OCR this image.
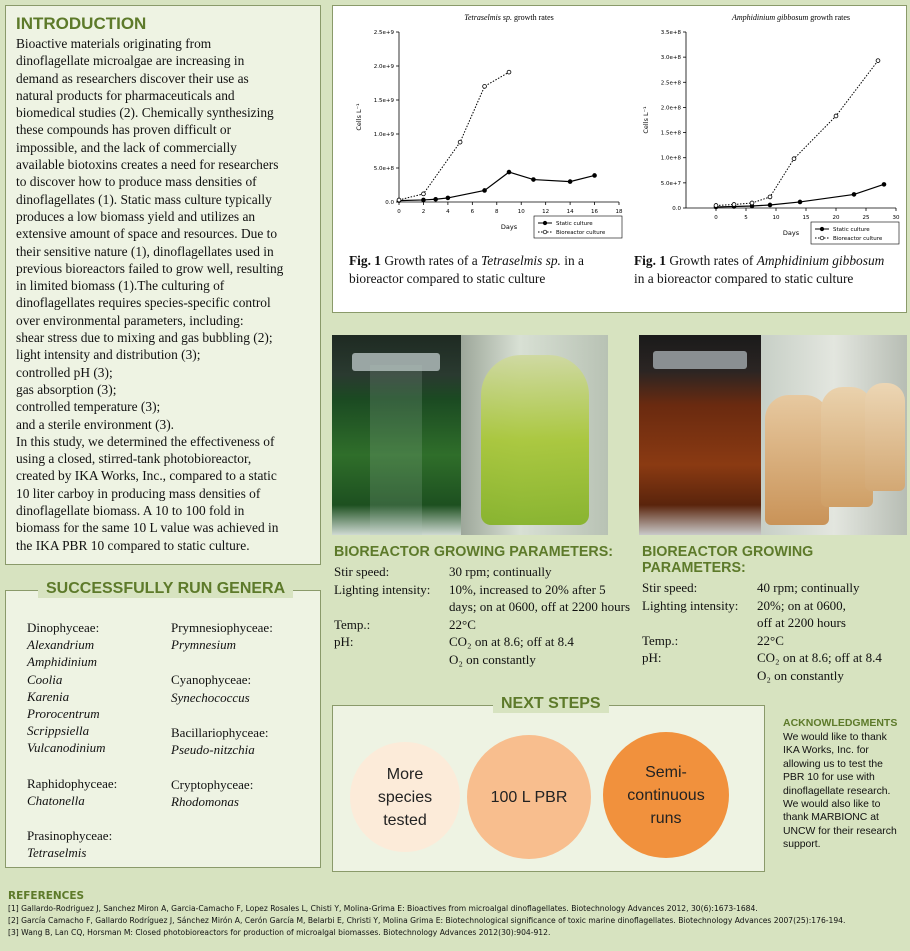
INTRODUCTION
Bioactive materials originating from
dinoflagellate microalgae are increasing in
demand as researchers discover their use as
natural products for pharmaceuticals and
biomedical studies (2). Chemically synthesizing
these compounds has proven difficult or
impossible, and the lack of commercially
available biotoxins creates a need for researchers
to discover how to produce mass densities of
dinoflagellates (1). Static mass culture typically
produces a low biomass yield and utilizes an
extensive amount of space and resources. Due to
their sensitive nature (1), dinoflagellates used in
previous bioreactors failed to grow well, resulting
in limited biomass (1).The culturing of
dinoflagellates requires species-specific control
over environmental parameters, including:
shear stress due to mixing and gas bubbling (2);
light intensity and distribution (3);
controlled pH (3);
gas absorption (3);
controlled temperature (3);
and a sterile environment (3).
In this study, we determined the effectiveness of
using a closed, stirred-tank photobioreactor,
created by IKA Works, Inc., compared to a static
10 liter carboy in producing mass densities of
dinoflagellate biomass. A 10 to 100 fold in
biomass for the same 10 L value was achieved in
the IKA PBR 10 compared to static culture.
SUCCESSFULLY RUN GENERA
Dinophyceae:
Alexandrium
Amphidinium
Coolia
Karenia
Prorocentrum
Scrippsiella
Vulcanodinium
Raphidophyceae:
Chatonella
Prasinophyceae:
Tetraselmis
Prymnesiophyceae:
Prymnesium
Cyanophyceae:
Synechococcus
Bacillariophyceae:
Pseudo-nitzchia
Cryptophyceae:
Rhodomonas
Tetraselmis sp. growth rates
0.0
5.0e+8
1.0e+9
1.5e+9
2.0e+9
2.5e+9
0	2	4	6	8	10	12	14	16	18
Days
Cells L⁻¹
Static culture
Bioreactor culture
Amphidinium gibbosum growth rates
0.0
5.0e+7
1.0e+8
1.5e+8
2.0e+8
2.5e+8
3.0e+8
3.5e+8
0	5	10	15	20	25	30
Days
Cells L⁻¹
Static culture
Bioreactor culture
Fig. 1 Growth rates of a Tetraselmis sp. in a bioreactor compared to static culture
Fig. 1 Growth rates of Amphidinium gibbosum in a bioreactor compared to static culture
BIOREACTOR GROWING PARAMETERS:
Stir speed:	30 rpm; continually
Lighting intensity:	10%, increased to 20% after 5
days; on at 0600, off at 2200 hours
Temp.:	22°C
pH:	CO₂ on at 8.6; off at 8.4
O₂ on constantly
BIOREACTOR GROWING PARAMETERS:
Stir speed:	40 rpm; continually
Lighting intensity:	20%; on at 0600,
off at 2200 hours
Temp.:	22°C
pH:	CO₂ on at 8.6; off at 8.4
O₂ on constantly
NEXT STEPS
More
species
tested
100 L PBR
Semi-
continuous
runs
ACKNOWLEDGMENTS
We would like to thank
IKA Works, Inc. for
allowing us to test the
PBR 10 for use with
dinoflagellate research.
We would also like to
thank MARBIONC at
UNCW for their research
support.
REFERENCES
[1] Gallardo-Rodriguez J, Sanchez Miron A, Garcia-Camacho F, Lopez Rosales L, Chisti Y, Molina-Grima E: Bioactives from microalgal dinoflagellates. Biotechnology Advances 2012, 30(6):1673-1684.
[2] García Camacho F, Gallardo Rodríguez J, Sánchez Mirón A, Cerón García M, Belarbi E, Christi Y, Molina Grima E: Biotechnological significance of toxic marine dinoflagellates. Biotechnology Advances 2007(25):176-194.
[3] Wang B, Lan CQ, Horsman M: Closed photobioreactors for production of microalgal biomasses. Biotechnology Advances 2012(30):904-912.
